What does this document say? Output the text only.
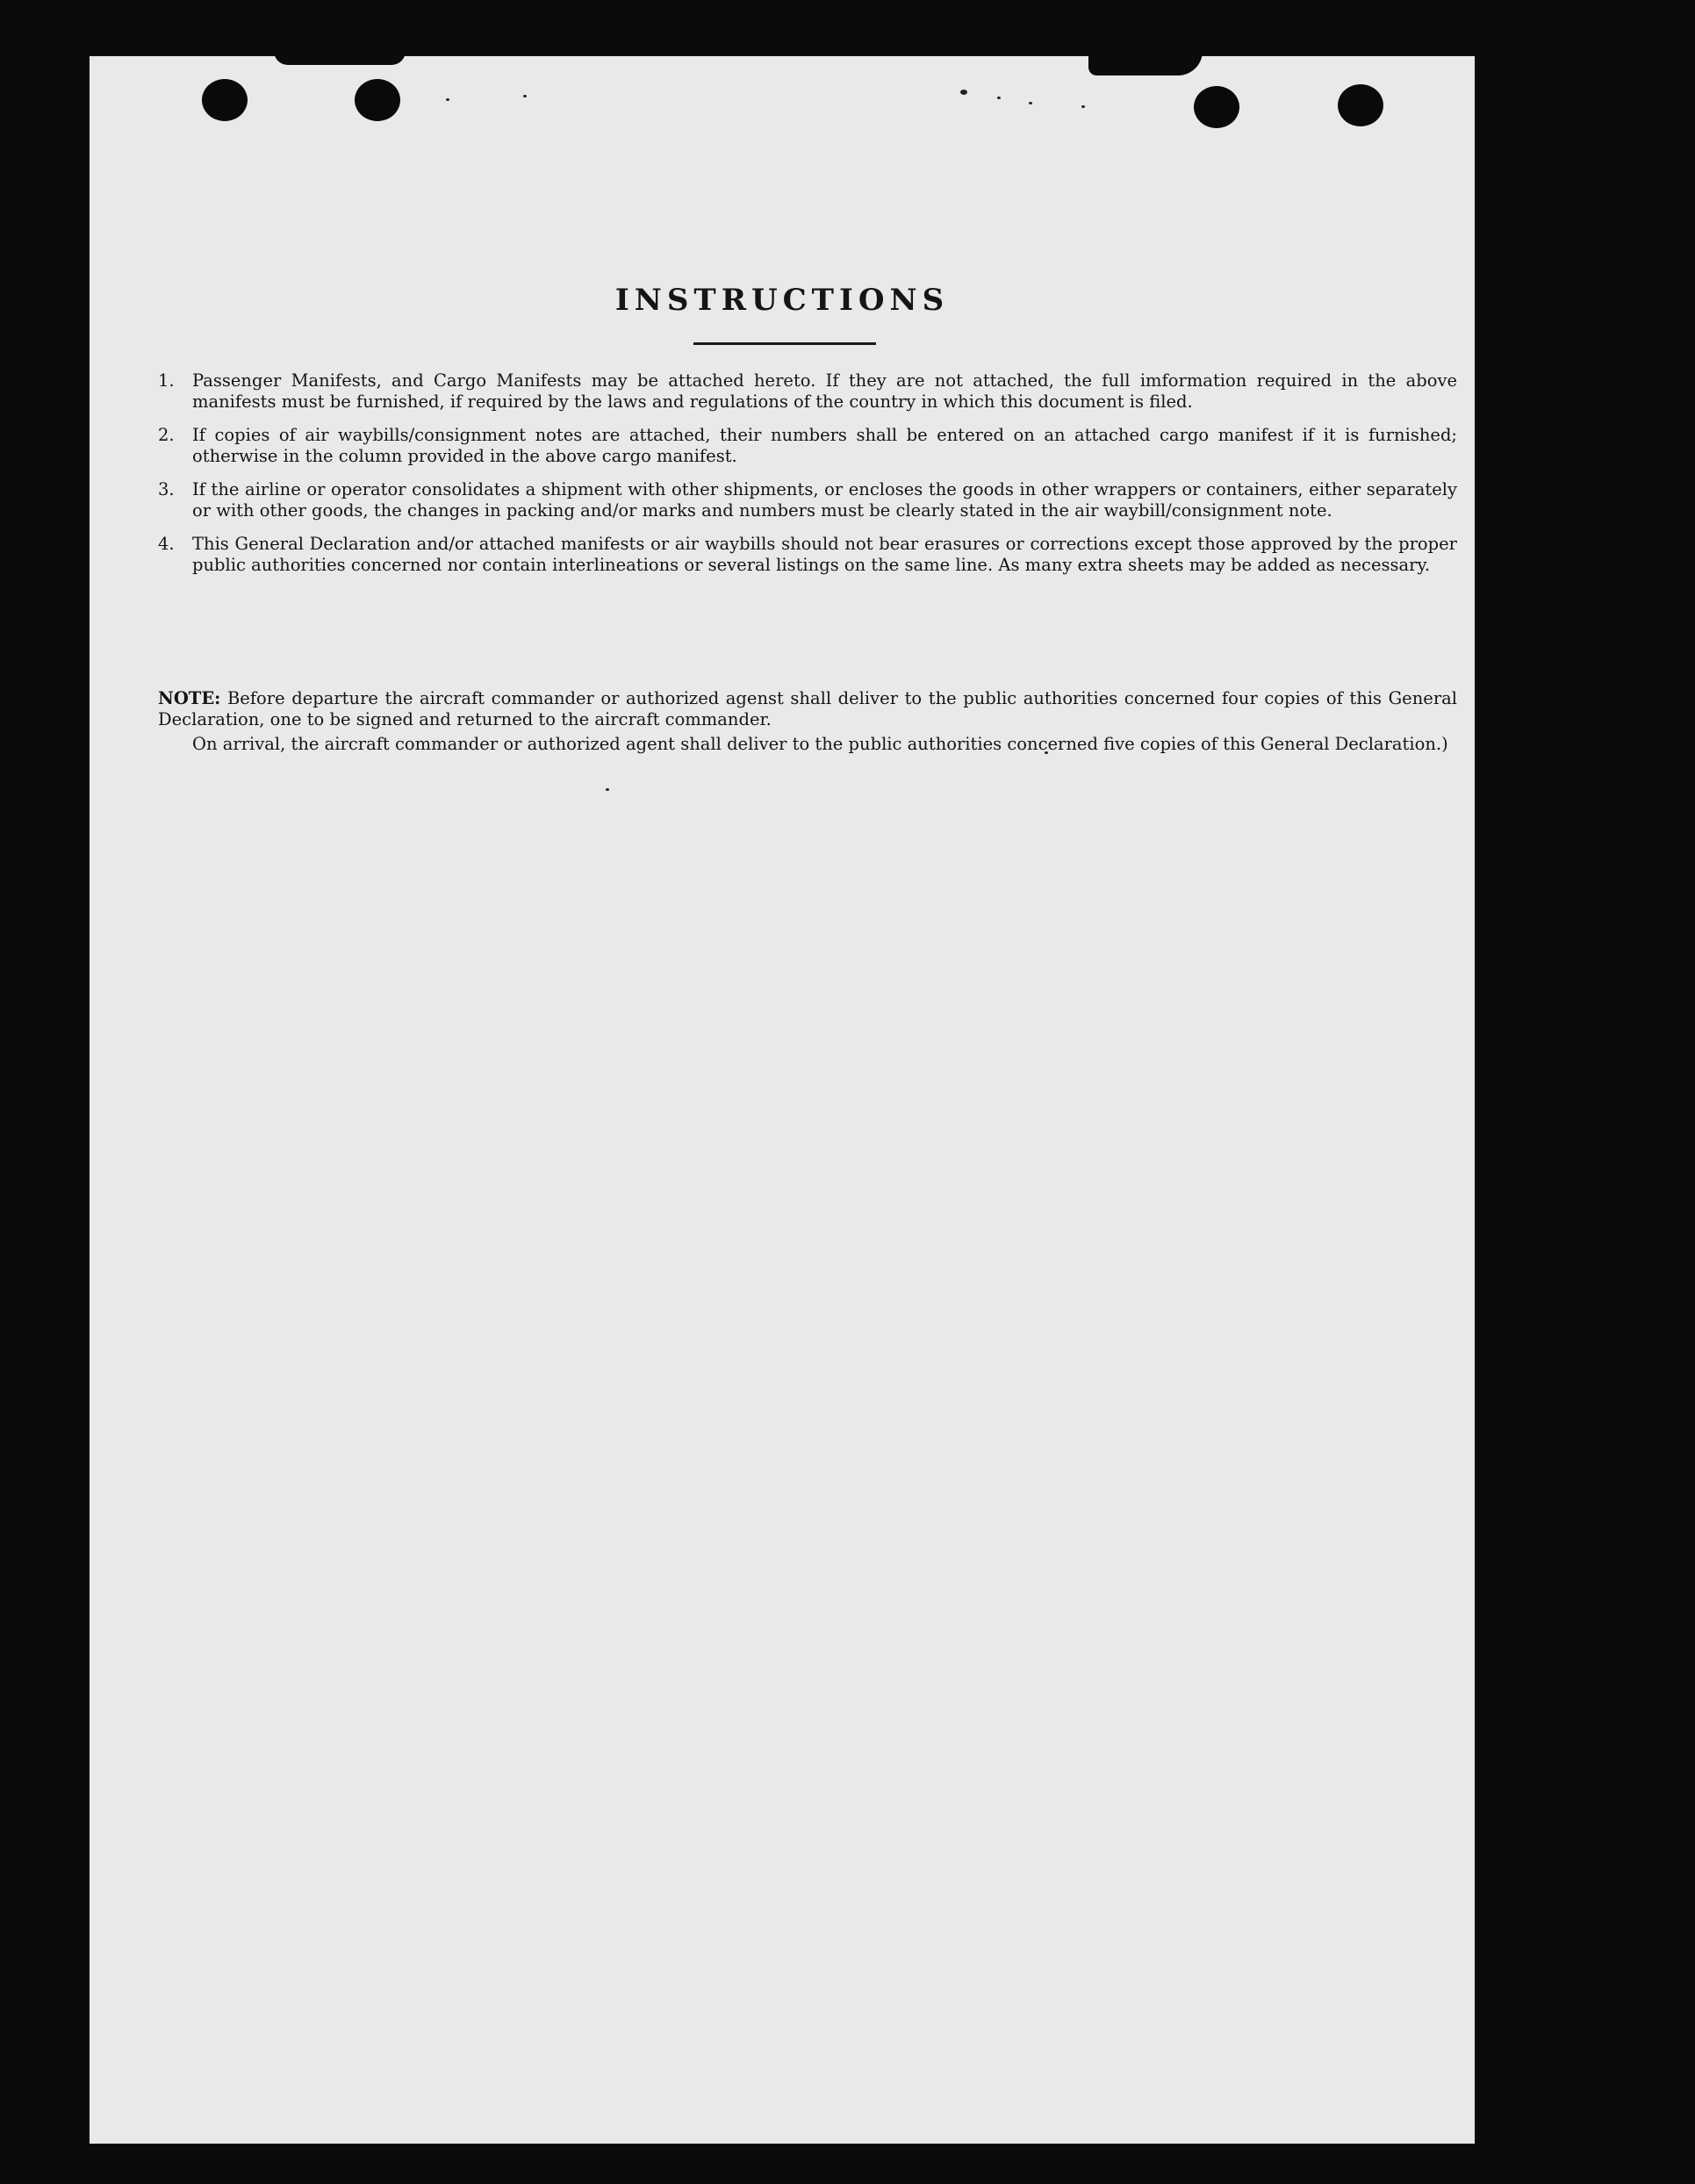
INSTRUCTIONS
1. Passenger Manifests, and Cargo Manifests may be attached hereto. If they are not attached, the full imformation required in the above manifests must be furnished, if required by the laws and regulations of the country in which this document is filed.
2. If copies of air waybills/consignment notes are attached, their numbers shall be entered on an attached cargo manifest if it is furnished; otherwise in the column provided in the above cargo manifest.
3. If the airline or operator consolidates a shipment with other shipments, or encloses the goods in other wrappers or containers, either separately or with other goods, the changes in packing and/or marks and numbers must be clearly stated in the air waybill/consignment note.
4. This General Declaration and/or attached manifests or air waybills should not bear erasures or corrections except those approved by the proper public authorities concerned nor contain interlineations or several listings on the same line. As many extra sheets may be added as necessary.
NOTE: Before departure the aircraft commander or authorized agenst shall deliver to the public authorities concerned four copies of this General Declaration, one to be signed and returned to the aircraft commander.
On arrival, the aircraft commander or authorized agent shall deliver to the public authorities concerned five copies of this General Declaration.)
